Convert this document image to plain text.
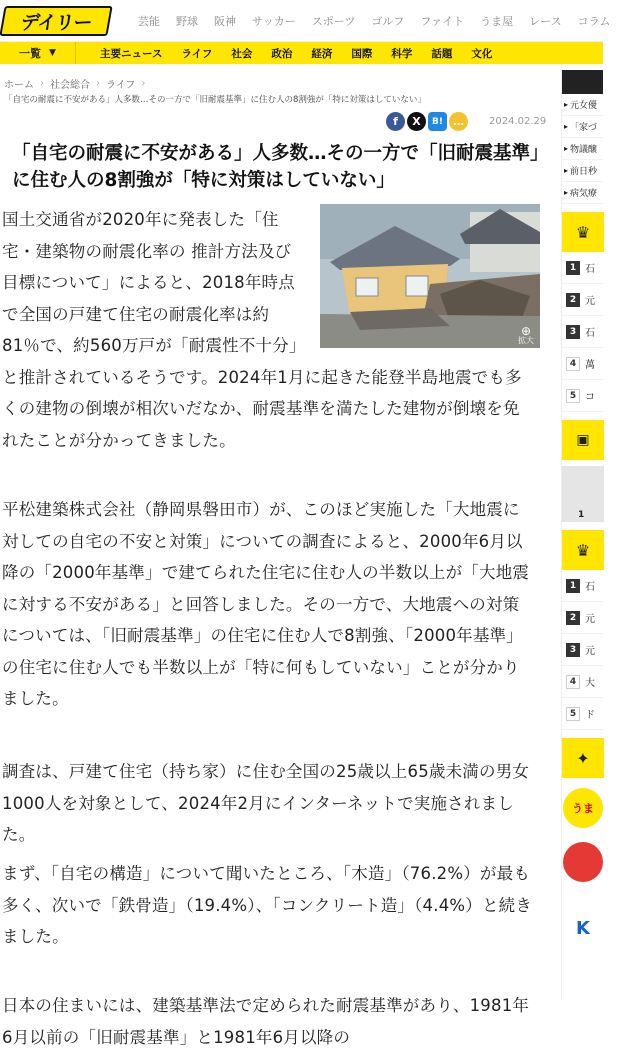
デイリー	芸能 野球 阪神 サッカー スポーツ ゴルフ ファイト うま屋 レース コラム
一覧 ▼	主要ニュース ライフ 社会 政治 経済 国際 科学 話題 文化
ホーム › 社会総合 › ライフ ›
「自宅の耐震に不安がある」人多数…その一方で「旧耐震基準」に住む人の8割強が「特に対策はしていない」
f X B! …	2024.02.29
「自宅の耐震に不安がある」人多数…その一方で「旧耐震基準」に住む人の8割強が「特に対策はしていない」

国土交通省が2020年に発表した「住宅・建築物の耐震化率の 推計方法及び目標について」によると、2018年時点で全国の戸建て住宅の耐震化率は約81％で、約560万戸が「耐震性不十分」と推計されているそうです。2024年1月に起きた能登半島地震でも多くの建物の倒壊が相次いだなか、耐震基準を満たした建物が倒壊を免れたことが分かってきました。

平松建築株式会社（静岡県磐田市）が、このほど実施した「大地震に対しての自宅の不安と対策」についての調査によると、2000年6月以降の「2000年基準」で建てられた住宅に住む人の半数以上が「大地震に対する不安がある」と回答しました。その一方で、大地震への対策については、「旧耐震基準」の住宅に住む人で8割強、「2000年基準」の住宅に住む人でも半数以上が「特に何もしていない」ことが分かりました。

調査は、戸建て住宅（持ち家）に住む全国の25歳以上65歳未満の男女1000人を対象として、2024年2月にインターネットで実施されました。

まず、「自宅の構造」について聞いたところ、「木造」（76.2%）が最も多く、次いで「鉄骨造」（19.4%）、「コンクリート造」（4.4%）と続きました。

日本の住まいには、建築基準法で定められた耐震基準があり、1981年6月以前の「旧耐震基準」と1981年6月以降の

⊕
拡大
▸ 元女優
▸ 「家づ
▸ 物議醸
▸ 前日秒
▸ 病気療
♛
1 石
2 元
3 石
4 萬
5 コ
▣
1
♛
1 石
2 元
3 元
4 大
5 ド
✦
うま
K
